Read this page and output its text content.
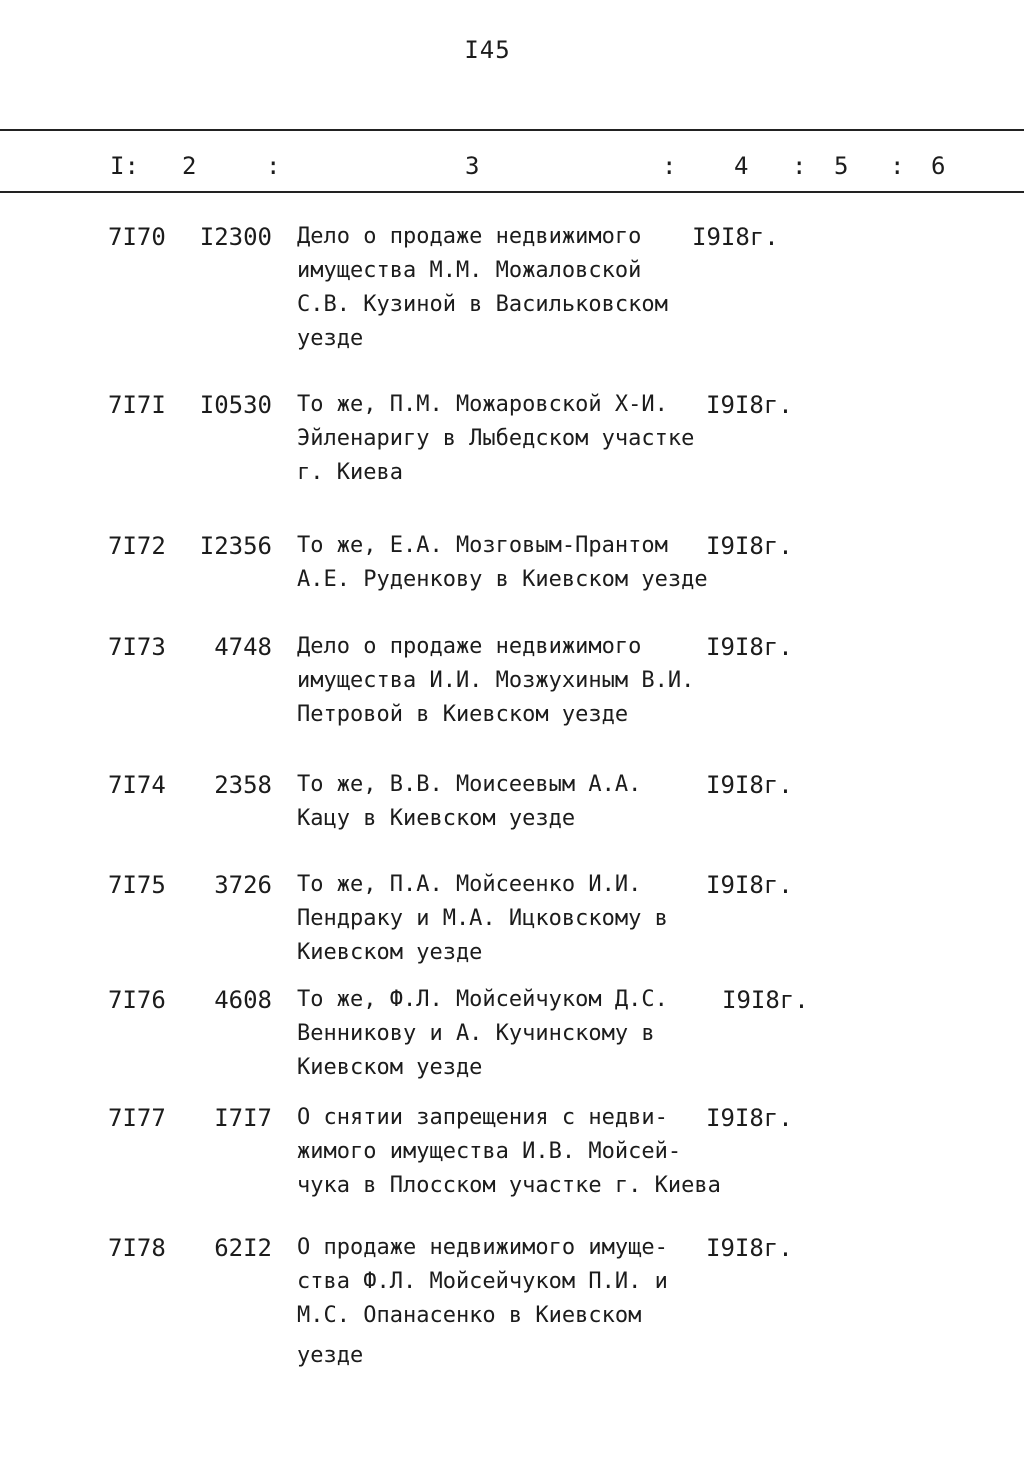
I45
I: 2	:	3	: 4 : 5 : 6
7I70	I2300 Дело о продаже недвижимого
имущества М.М. Можаловской
С.В. Кузиной в Васильковском
уезде
I9I8г.
7I7I	I0530 То же, П.М. Можаровской Х-И.
Эйленаригу в Лыбедском участке
г. Киева
I9I8г.
7I72	I2356 То же, Е.А. Мозговым-Прантом
А.Е. Руденкову в Киевском уезде
I9I8г.
7I73	4748 Дело о продаже недвижимого
имущества И.И. Мозжухиным В.И.
Петровой в Киевском уезде
I9I8г.
7I74	2358 То же, В.В. Моисеевым А.А.
Кацу в Киевском уезде
I9I8г.
7I75	3726 То же, П.А. Мойсеенко И.И.
Пендраку и М.А. Ицковскому в
Киевском уезде
I9I8г.
7I76	4608 То же, Ф.Л. Мойсейчуком Д.С.
Венникову и А. Кучинскому в
Киевском уезде
I9I8г.
7I77	I7I7 О снятии запрещения с недви-
жимого имущества И.В. Мойсей-
чука в Плосском участке г. Киева
I9I8г.
7I78	62I2 О продаже недвижимого имуще-
ства Ф.Л. Мойсейчуком П.И. и
М.С. Опанасенко в Киевском
уезде
I9I8г.
